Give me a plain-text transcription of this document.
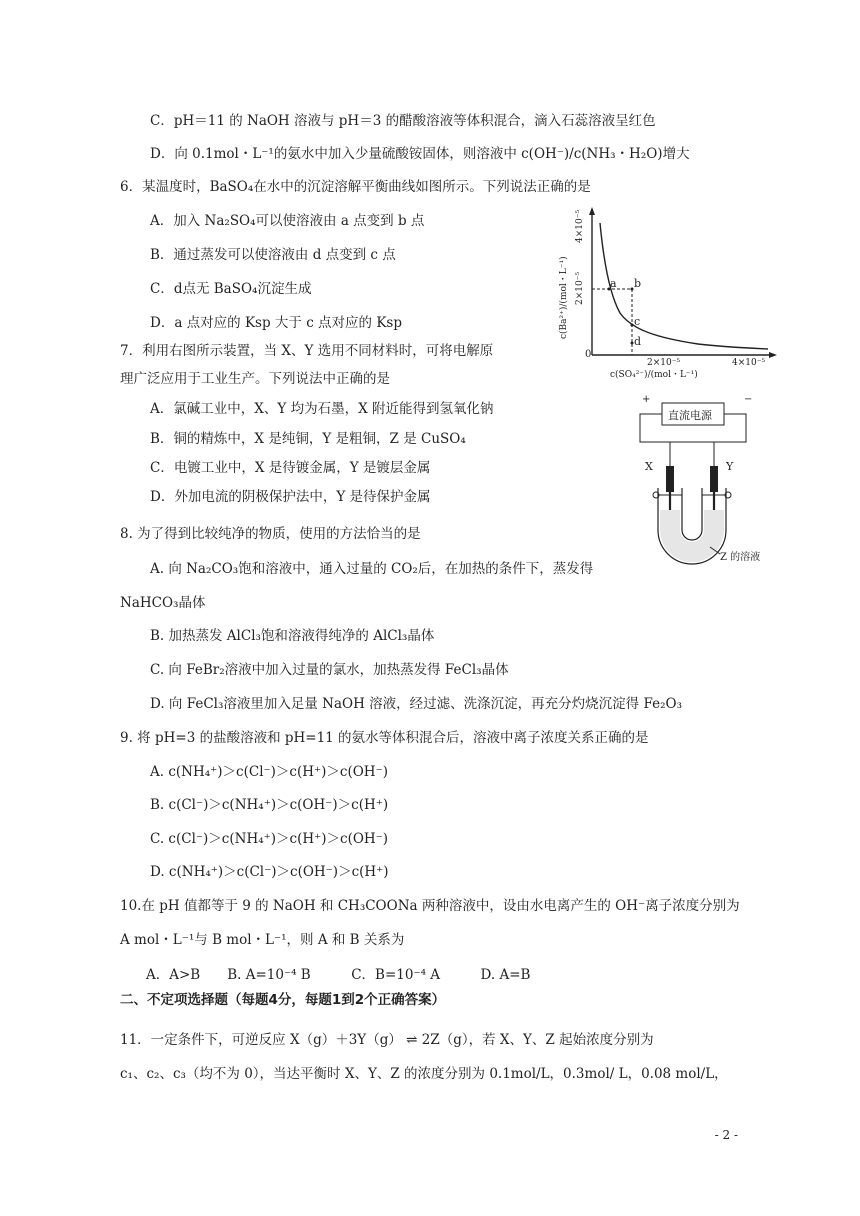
C．pH＝11 的 NaOH 溶液与 pH＝3 的醋酸溶液等体积混合，滴入石蕊溶液呈红色
D．向 0.1mol・L⁻¹的氨水中加入少量硫酸铵固体，则溶液中 c(OH⁻)/c(NH₃・H₂O)增大
6．某温度时，BaSO₄在水中的沉淀溶解平衡曲线如图所示。下列说法正确的是
A．加入 Na₂SO₄可以使溶液由 a 点变到 b 点
B．通过蒸发可以使溶液由 d 点变到 c 点
C．d点无 BaSO₄沉淀生成
D．a 点对应的 Ksp 大于 c 点对应的 Ksp
7．利用右图所示装置，当 X、Y 选用不同材料时，可将电解原
理广泛应用于工业生产。下列说法中正确的是
A．氯碱工业中，X、Y 均为石墨，X 附近能得到氢氧化钠
B．铜的精炼中，X 是纯铜，Y 是粗铜，Z 是 CuSO₄
C．电镀工业中，X 是待镀金属，Y 是镀层金属
D．外加电流的阴极保护法中，Y 是待保护金属
8. 为了得到比较纯净的物质，使用的方法恰当的是
A. 向 Na₂CO₃饱和溶液中，通入过量的 CO₂后，在加热的条件下，蒸发得
NaHCO₃晶体
B. 加热蒸发 AlCl₃饱和溶液得纯净的 AlCl₃晶体
C. 向 FeBr₂溶液中加入过量的氯水，加热蒸发得 FeCl₃晶体
D. 向 FeCl₃溶液里加入足量 NaOH 溶液，经过滤、洗涤沉淀，再充分灼烧沉淀得 Fe₂O₃
9. 将 pH=3 的盐酸溶液和 pH=11 的氨水等体积混合后，溶液中离子浓度关系正确的是
A. c(NH₄⁺)＞c(Cl⁻)＞c(H⁺)＞c(OH⁻)
B. c(Cl⁻)＞c(NH₄⁺)＞c(OH⁻)＞c(H⁺)
C. c(Cl⁻)＞c(NH₄⁺)＞c(H⁺)＞c(OH⁻)
D. c(NH₄⁺)＞c(Cl⁻)＞c(OH⁻)＞c(H⁺)
10.在 pH 值都等于 9 的 NaOH 和 CH₃COONa 两种溶液中，设由水电离产生的 OH⁻离子浓度分别为
A mol・L⁻¹与 B mol・L⁻¹，则 A 和 B 关系为
A．A>B　　B. A=10⁻⁴ B　　　C．B=10⁻⁴ A　　　D. A=B
二、不定项选择题（每题4分，每题1到2个正确答案）
11．一定条件下，可逆反应 X（g）＋3Y（g） ⇌ 2Z（g），若 X、Y、Z 起始浓度分别为
c₁、c₂、c₃（均不为 0），当达平衡时 X、Y、Z 的浓度分别为 0.1mol/L，0.3mol/ L，0.08 mol/L，
- 2 -
a b
c
d
0
2×10⁻⁵	4×10⁻⁵
c(SO₄²⁻)/(mol・L⁻¹)
4×10⁻⁵
2×10⁻⁵
c(Ba²⁺)/(mol・L⁻¹)
+	−
直流电源
X	Y
Z 的溶液
